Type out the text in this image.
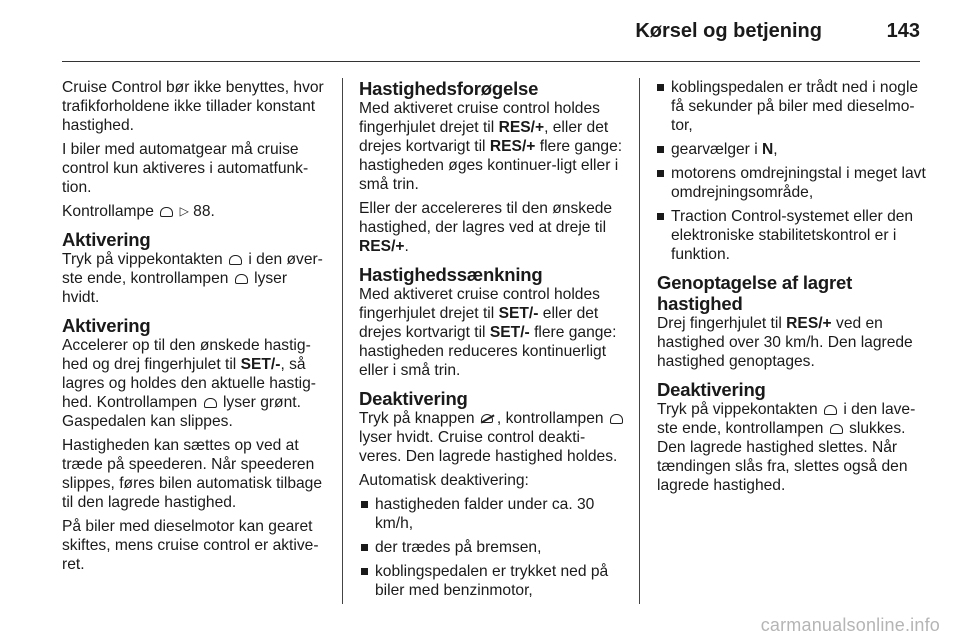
Kørsel og betjening	143

Cruise Control bør ikke benyttes, hvor trafikforholdene ikke tillader konstant hastighed.

I biler med automatgear må cruise control kun aktiveres i automatfunk-tion.

Kontrollampe ▷ 88.

Aktivering

Tryk på vippekontakten i den øver-ste ende, kontrollampen lyser hvidt.

Aktivering

Accelerer op til den ønskede hastig-hed og drej fingerhjulet til SET/-, så lagres og holdes den aktuelle hastig-hed. Kontrollampen lyser grønt. Gaspedalen kan slippes.

Hastigheden kan sættes op ved at træde på speederen. Når speederen slippes, føres bilen automatisk tilbage til den lagrede hastighed.

På biler med dieselmotor kan gearet skiftes, mens cruise control er aktive-ret.

Hastighedsforøgelse

Med aktiveret cruise control holdes fingerhjulet drejet til RES/+, eller det drejes kortvarigt til RES/+ flere gange: hastigheden øges kontinuer-ligt eller i små trin.

Eller der accelereres til den ønskede hastighed, der lagres ved at dreje til RES/+.

Hastighedssænkning

Med aktiveret cruise control holdes fingerhjulet drejet til SET/- eller det drejes kortvarigt til SET/- flere gange: hastigheden reduceres kontinuerligt eller i små trin.

Deaktivering

Tryk på knappen , kontrollampen  lyser hvidt. Cruise control deakti-veres. Den lagrede hastighed holdes.

Automatisk deaktivering:

hastigheden falder under ca. 30 km/h,
der trædes på bremsen,
koblingspedalen er trykket ned på biler med benzinmotor,
koblingspedalen er trådt ned i nogle få sekunder på biler med dieselmo-tor,
gearvælger i N,
motorens omdrejningstal i meget lavt omdrejningsområde,
Traction Control-systemet eller den elektroniske stabilitetskontrol er i funktion.
Genoptagelse af lagret hastighed

Drej fingerhjulet til RES/+ ved en hastighed over 30 km/h. Den lagrede hastighed genoptages.

Deaktivering

Tryk på vippekontakten i den lave-ste ende, kontrollampen slukkes. Den lagrede hastighed slettes. Når tændingen slås fra, slettes også den lagrede hastighed.

carmanualsonline.info
